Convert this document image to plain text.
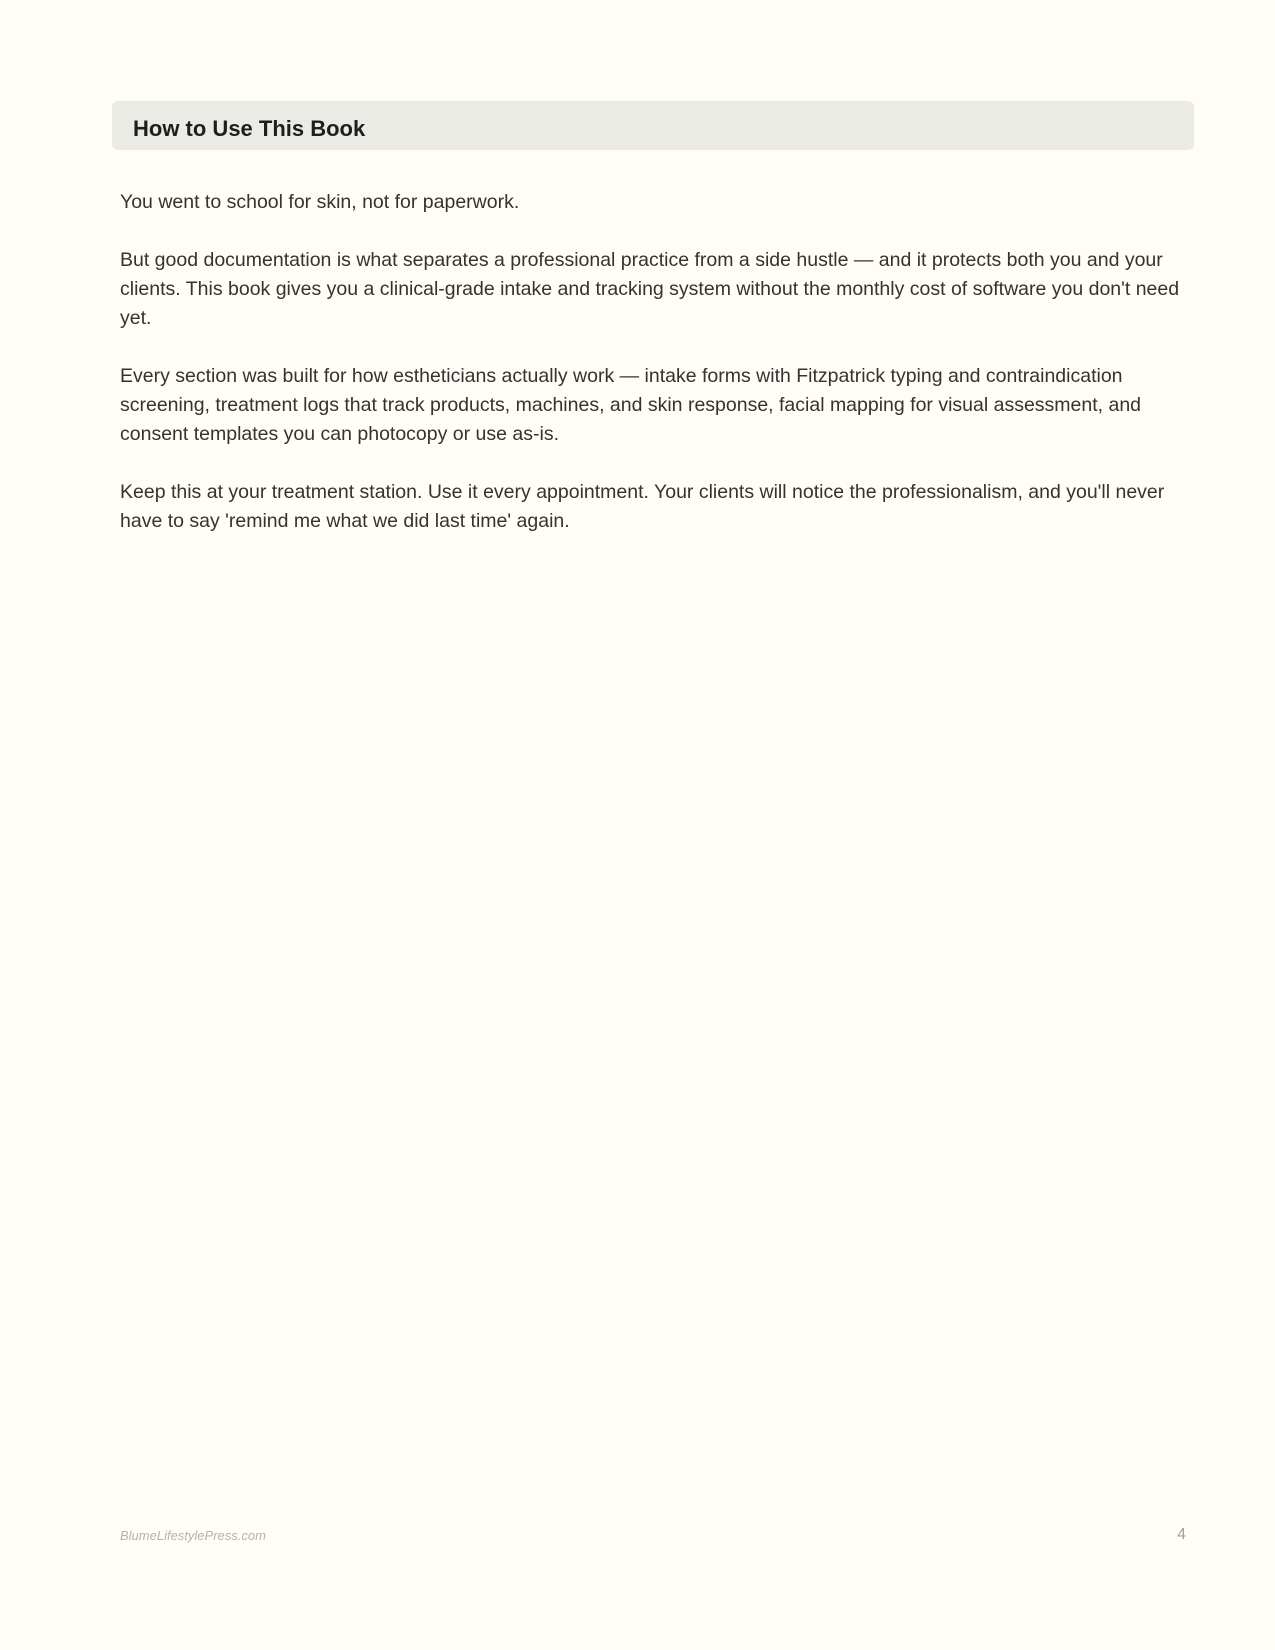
How to Use This Book

You went to school for skin, not for paperwork.

But good documentation is what separates a professional practice from a side hustle — and it protects both you and your clients. This book gives you a clinical-grade intake and tracking system without the monthly cost of software you don't need yet.

Every section was built for how estheticians actually work — intake forms with Fitzpatrick typing and contraindication screening, treatment logs that track products, machines, and skin response, facial mapping for visual assessment, and consent templates you can photocopy or use as-is.

Keep this at your treatment station. Use it every appointment. Your clients will notice the professionalism, and you'll never have to say 'remind me what we did last time' again.

BlumeLifestylePress.com	4
